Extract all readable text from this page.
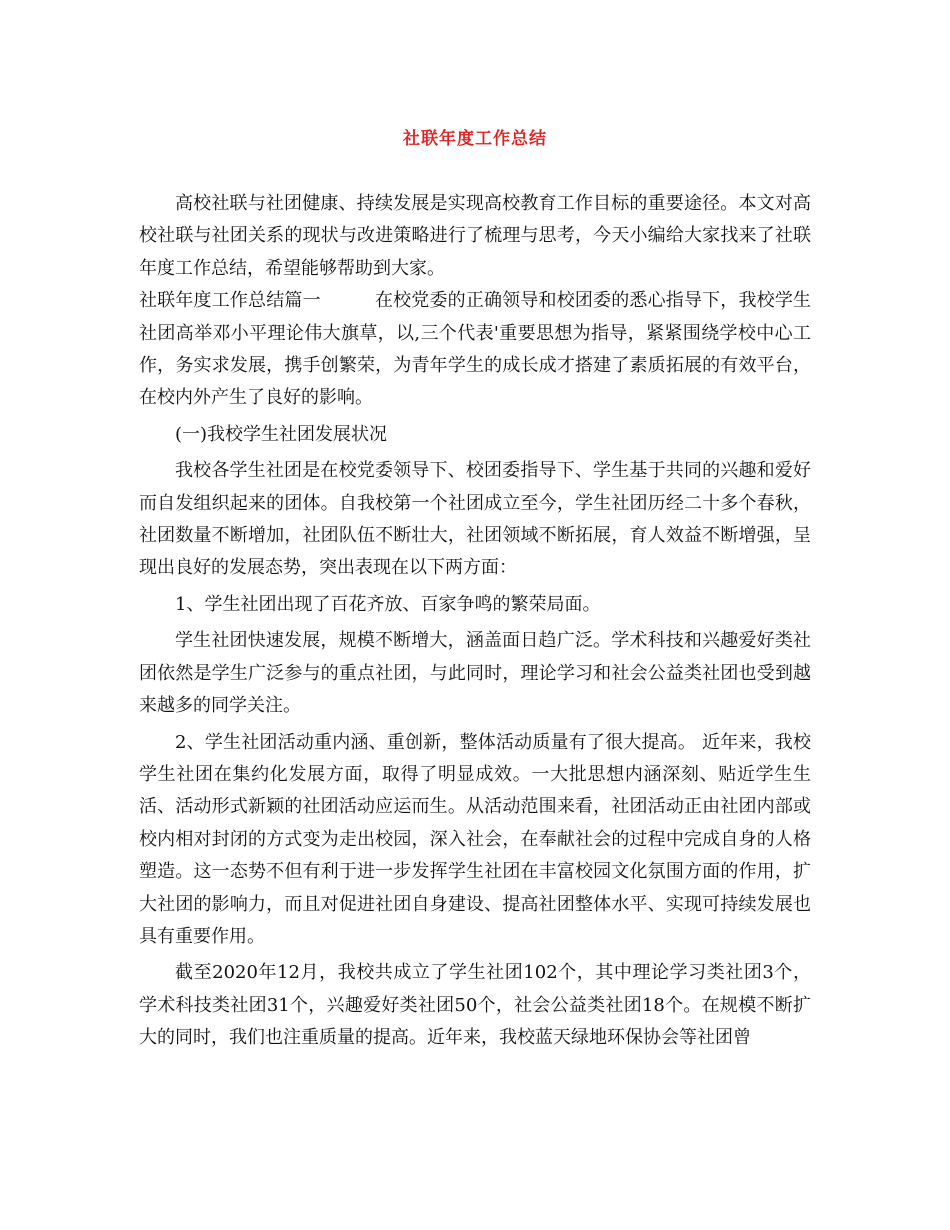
社联年度工作总结

高校社联与社团健康、持续发展是实现高校教育工作目标的重要途径。本文对高校社联与社团关系的现状与改进策略进行了梳理与思考，今天小编给大家找来了社联年度工作总结，希望能够帮助到大家。

社联年度工作总结篇一	在校党委的正确领导和校团委的悉心指导下，我校学生社团高举邓小平理论伟大旗䓍，以,三个代表'重要思想为指导，紧紧围绕学校中心工作，务实求发展，携手创繁荣，为青年学生的成长成才搭建了素质拓展的有效平台，在校内外产生了良好的影响。

(一)我校学生社团发展状况

我校各学生社团是在校党委领导下、校团委指导下、学生基于共同的兴趣和爱好而自发组织起来的团体。自我校第一个社团成立至今，学生社团历经二十多个春秋，社团数量不断增加，社团队伍不断壮大，社团领域不断拓展，育人效益不断增强，呈现出良好的发展态势，突出表现在以下两方面：

1、学生社团出现了百花齐放、百家争鸣的繁荣局面。

学生社团快速发展，规模不断增大，涵盖面日趋广泛。学术科技和兴趣爱好类社团依然是学生广泛参与的重点社团，与此同时，理论学习和社会公益类社团也受到越来越多的同学关注。

2、学生社团活动重内涵、重创新，整体活动质量有了很大提高。 近年来，我校学生社团在集约化发展方面，取得了明显成效。一大批思想内涵深刻、贴近学生生活、活动形式新颖的社团活动应运而生。从活动范围来看，社团活动正由社团内部或校内相对封闭的方式变为走出校园，深入社会，在奉献社会的过程中完成自身的人格塑造。这一态势不但有利于进一步发挥学生社团在丰富校园文化氛围方面的作用，扩大社团的影响力，而且对促进社团自身建设、提高社团整体水平、实现可持续发展也具有重要作用。

截至2020年12月，我校共成立了学生社团102个，其中理论学习类社团3个，学术科技类社团31个，兴趣爱好类社团50个，社会公益类社团18个。在规模不断扩大的同时，我们也注重质量的提高。近年来，我校蓝天绿地环保协会等社团曾
